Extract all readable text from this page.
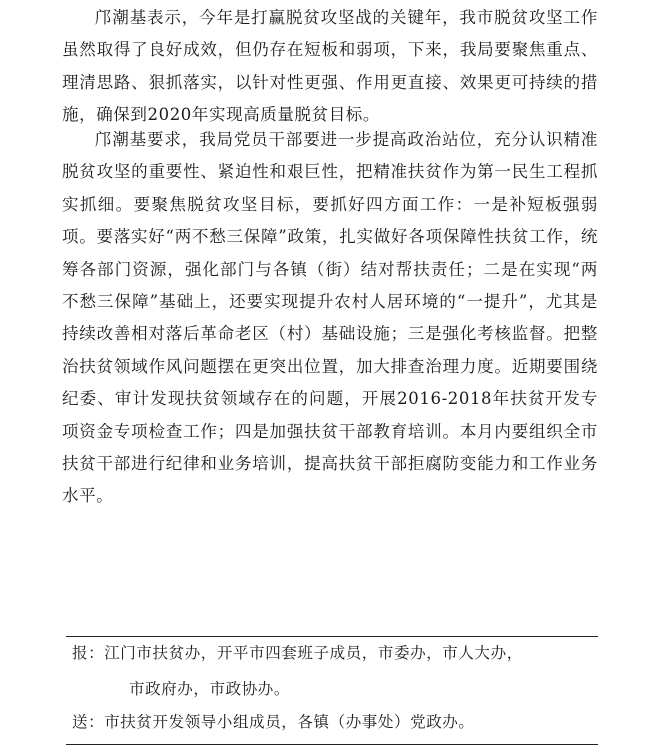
邝潮基表示，今年是打赢脱贫攻坚战的关键年，我市脱贫攻坚工作虽然取得了良好成效，但仍存在短板和弱项，下来，我局要聚焦重点、理清思路、狠抓落实，以针对性更强、作用更直接、效果更可持续的措施，确保到2020年实现高质量脱贫目标。

邝潮基要求，我局党员干部要进一步提高政治站位，充分认识精准脱贫攻坚的重要性、紧迫性和艰巨性，把精准扶贫作为第一民生工程抓实抓细。要聚焦脱贫攻坚目标，要抓好四方面工作：一是补短板强弱项。要落实好“两不愁三保障”政策，扎实做好各项保障性扶贫工作，统筹各部门资源，强化部门与各镇（街）结对帮扶责任；二是在实现“两不愁三保障”基础上，还要实现提升农村人居环境的“一提升”，尤其是持续改善相对落后革命老区（村）基础设施；三是强化考核监督。把整治扶贫领域作风问题摆在更突出位置，加大排查治理力度。近期要围绕纪委、审计发现扶贫领域存在的问题，开展2016-2018年扶贫开发专项资金专项检查工作；四是加强扶贫干部教育培训。本月内要组织全市扶贫干部进行纪律和业务培训，提高扶贫干部拒腐防变能力和工作业务水平。

报：江门市扶贫办，开平市四套班子成员，市委办，市人大办，

市政府办，市政协办。

送：市扶贫开发领导小组成员，各镇（办事处）党政办。
